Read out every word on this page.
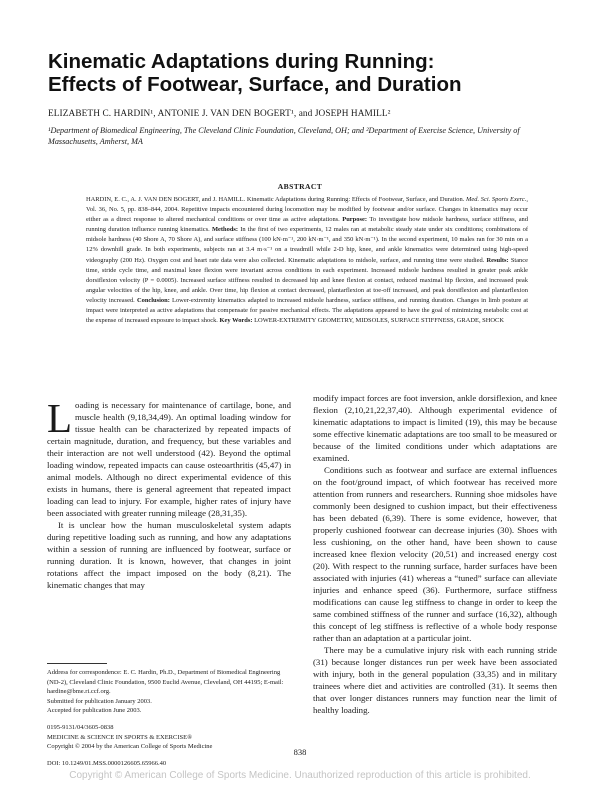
Kinematic Adaptations during Running:
Effects of Footwear, Surface, and Duration
ELIZABETH C. HARDIN¹, ANTONIE J. VAN DEN BOGERT¹, and JOSEPH HAMILL²
¹Department of Biomedical Engineering, The Cleveland Clinic Foundation, Cleveland, OH; and ²Department of Exercise Science, University of Massachusetts, Amherst, MA
ABSTRACT
HARDIN, E. C., A. J. VAN DEN BOGERT, and J. HAMILL. Kinematic Adaptations during Running: Effects of Footwear, Surface, and Duration. Med. Sci. Sports Exerc., Vol. 36, No. 5, pp. 838–844, 2004. Repetitive impacts encountered during locomotion may be modified by footwear and/or surface. Changes in kinematics may occur either as a direct response to altered mechanical conditions or over time as active adaptations. Purpose: To investigate how midsole hardness, surface stiffness, and running duration influence running kinematics. Methods: In the first of two experiments, 12 males ran at metabolic steady state under six conditions; combinations of midsole hardness (40 Shore A, 70 Shore A), and surface stiffness (100 kN·m⁻¹, 200 kN·m⁻¹, and 350 kN·m⁻¹). In the second experiment, 10 males ran for 30 min on a 12% downhill grade. In both experiments, subjects ran at 3.4 m·s⁻¹ on a treadmill while 2-D hip, knee, and ankle kinematics were determined using high-speed videography (200 Hz). Oxygen cost and heart rate data were also collected. Kinematic adaptations to midsole, surface, and running time were studied. Results: Stance time, stride cycle time, and maximal knee flexion were invariant across conditions in each experiment. Increased midsole hardness resulted in greater peak ankle dorsiflexion velocity (P = 0.0005). Increased surface stiffness resulted in decreased hip and knee flexion at contact, reduced maximal hip flexion, and increased peak angular velocities of the hip, knee, and ankle. Over time, hip flexion at contact decreased, plantarflexion at toe-off increased, and peak dorsiflexion and plantarflexion velocity increased. Conclusion: Lower-extremity kinematics adapted to increased midsole hardness, surface stiffness, and running duration. Changes in limb posture at impact were interpreted as active adaptations that compensate for passive mechanical effects. The adaptations appeared to have the goal of minimizing metabolic cost at the expense of increased exposure to impact shock. Key Words: LOWER-EXTREMITY GEOMETRY, MIDSOLES, SURFACE STIFFNESS, GRADE, SHOCK

Loading is necessary for maintenance of cartilage, bone, and muscle health (9,18,34,49). An optimal loading window for tissue health can be characterized by repeated impacts of certain magnitude, duration, and frequency, but these variables and their interaction are not well understood (42). Beyond the optimal loading window, repeated impacts can cause osteoarthritis (45,47) in animal models. Although no direct experimental evidence of this exists in humans, there is general agreement that repeated impact loading can lead to injury. For example, higher rates of injury have been associated with greater running mileage (28,31,35).

It is unclear how the human musculoskeletal system adapts during repetitive loading such as running, and how any adaptations within a session of running are influenced by footwear, surface or running duration. It is known, however, that changes in joint rotations affect the impact imposed on the body (8,21). The kinematic changes that may

modify impact forces are foot inversion, ankle dorsiflexion, and knee flexion (2,10,21,22,37,40). Although experimental evidence of kinematic adaptations to impact is limited (19), this may be because some effective kinematic adaptations are too small to be measured or because of the limited conditions under which adaptations are examined.

Conditions such as footwear and surface are external influences on the foot/ground impact, of which footwear has received more attention from runners and researchers. Running shoe midsoles have commonly been designed to cushion impact, but their effectiveness has been debated (6,39). There is some evidence, however, that properly cushioned footwear can decrease injuries (30). Shoes with less cushioning, on the other hand, have been shown to cause increased knee flexion velocity (20,51) and increased energy cost (20). With respect to the running surface, harder surfaces have been associated with injuries (41) whereas a “tuned” surface can alleviate injuries and enhance speed (36). Furthermore, surface stiffness modifications can cause leg stiffness to change in order to keep the same combined stiffness of the runner and surface (16,32), although this concept of leg stiffness is reflective of a whole body response rather than an adaptation at a particular joint.

There may be a cumulative injury risk with each running stride (31) because longer distances run per week have been associated with injury, both in the general population (33,35) and in military trainees where diet and activities are controlled (31). It seems then that over longer distances runners may function near the limit of healthy loading.

Address for correspondence: E. C. Hardin, Ph.D., Department of Biomedical Engineering (ND-2), Cleveland Clinic Foundation, 9500 Euclid Avenue, Cleveland, OH 44195; E-mail: hardine@bme.ri.ccf.org.
Submitted for publication January 2003.
Accepted for publication June 2003.
0195-9131/04/3605-0838
MEDICINE & SCIENCE IN SPORTS & EXERCISE®
Copyright © 2004 by the American College of Sports Medicine
DOI: 10.1249/01.MSS.0000126605.65966.40
838
Copyright © American College of Sports Medicine. Unauthorized reproduction of this article is prohibited.
